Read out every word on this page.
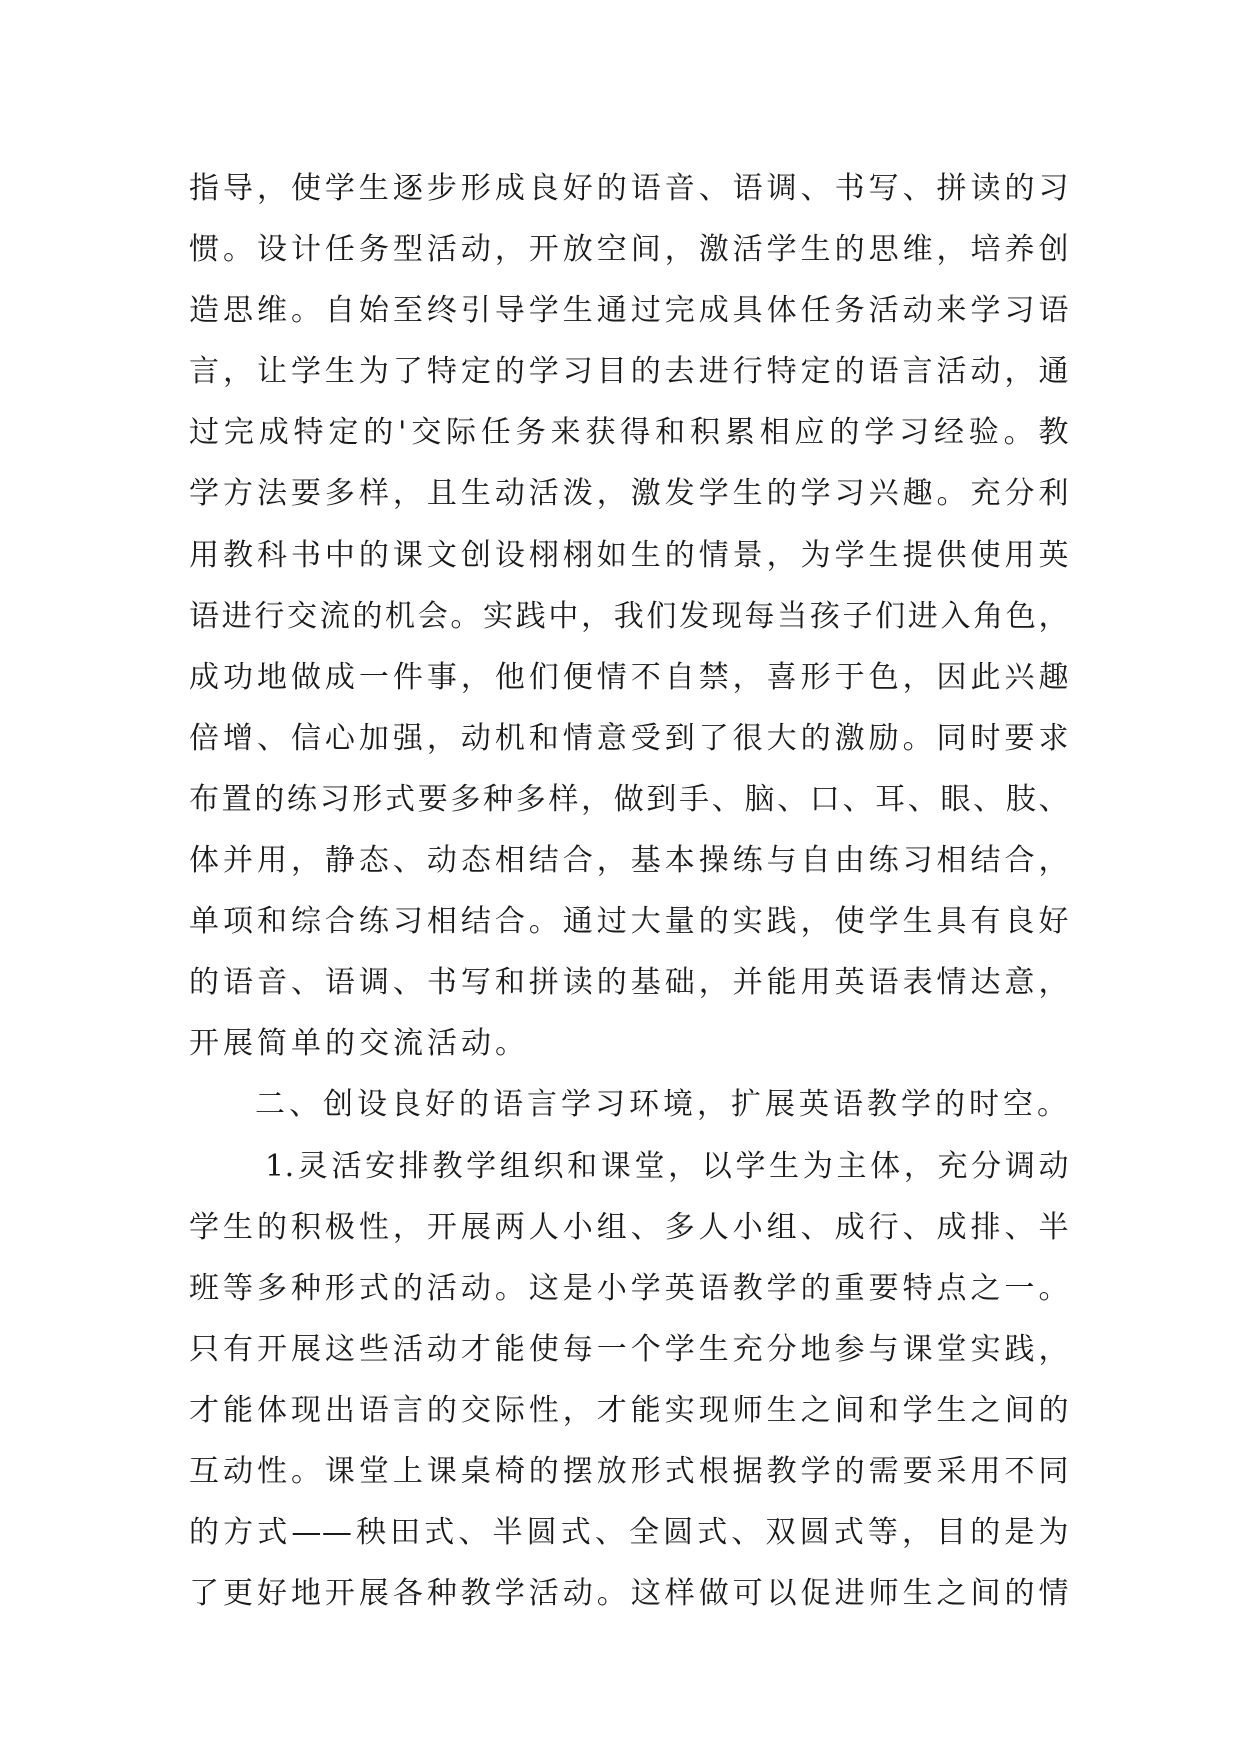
指导，使学生逐步形成良好的语音、语调、书写、拼读的习
惯。设计任务型活动，开放空间，激活学生的思维，培养创
造思维。自始至终引导学生通过完成具体任务活动来学习语
言，让学生为了特定的学习目的去进行特定的语言活动，通
过完成特定的'交际任务来获得和积累相应的学习经验。教
学方法要多样，且生动活泼，激发学生的学习兴趣。充分利
用教科书中的课文创设栩栩如生的情景，为学生提供使用英
语进行交流的机会。实践中，我们发现每当孩子们进入角色，
成功地做成一件事，他们便情不自禁，喜形于色，因此兴趣
倍增、信心加强，动机和情意受到了很大的激励。同时要求
布置的练习形式要多种多样，做到手、脑、口、耳、眼、肢、
体并用，静态、动态相结合，基本操练与自由练习相结合，
单项和综合练习相结合。通过大量的实践，使学生具有良好
的语音、语调、书写和拼读的基础，并能用英语表情达意，
开展简单的交流活动。
二、创设良好的语言学习环境，扩展英语教学的时空。
1.灵活安排教学组织和课堂，以学生为主体，充分调动
学生的积极性，开展两人小组、多人小组、成行、成排、半
班等多种形式的活动。这是小学英语教学的重要特点之一。
只有开展这些活动才能使每一个学生充分地参与课堂实践，
才能体现出语言的交际性，才能实现师生之间和学生之间的
互动性。课堂上课桌椅的摆放形式根据教学的需要采用不同
的方式——秧田式、半圆式、全圆式、双圆式等，目的是为
了更好地开展各种教学活动。这样做可以促进师生之间的情
